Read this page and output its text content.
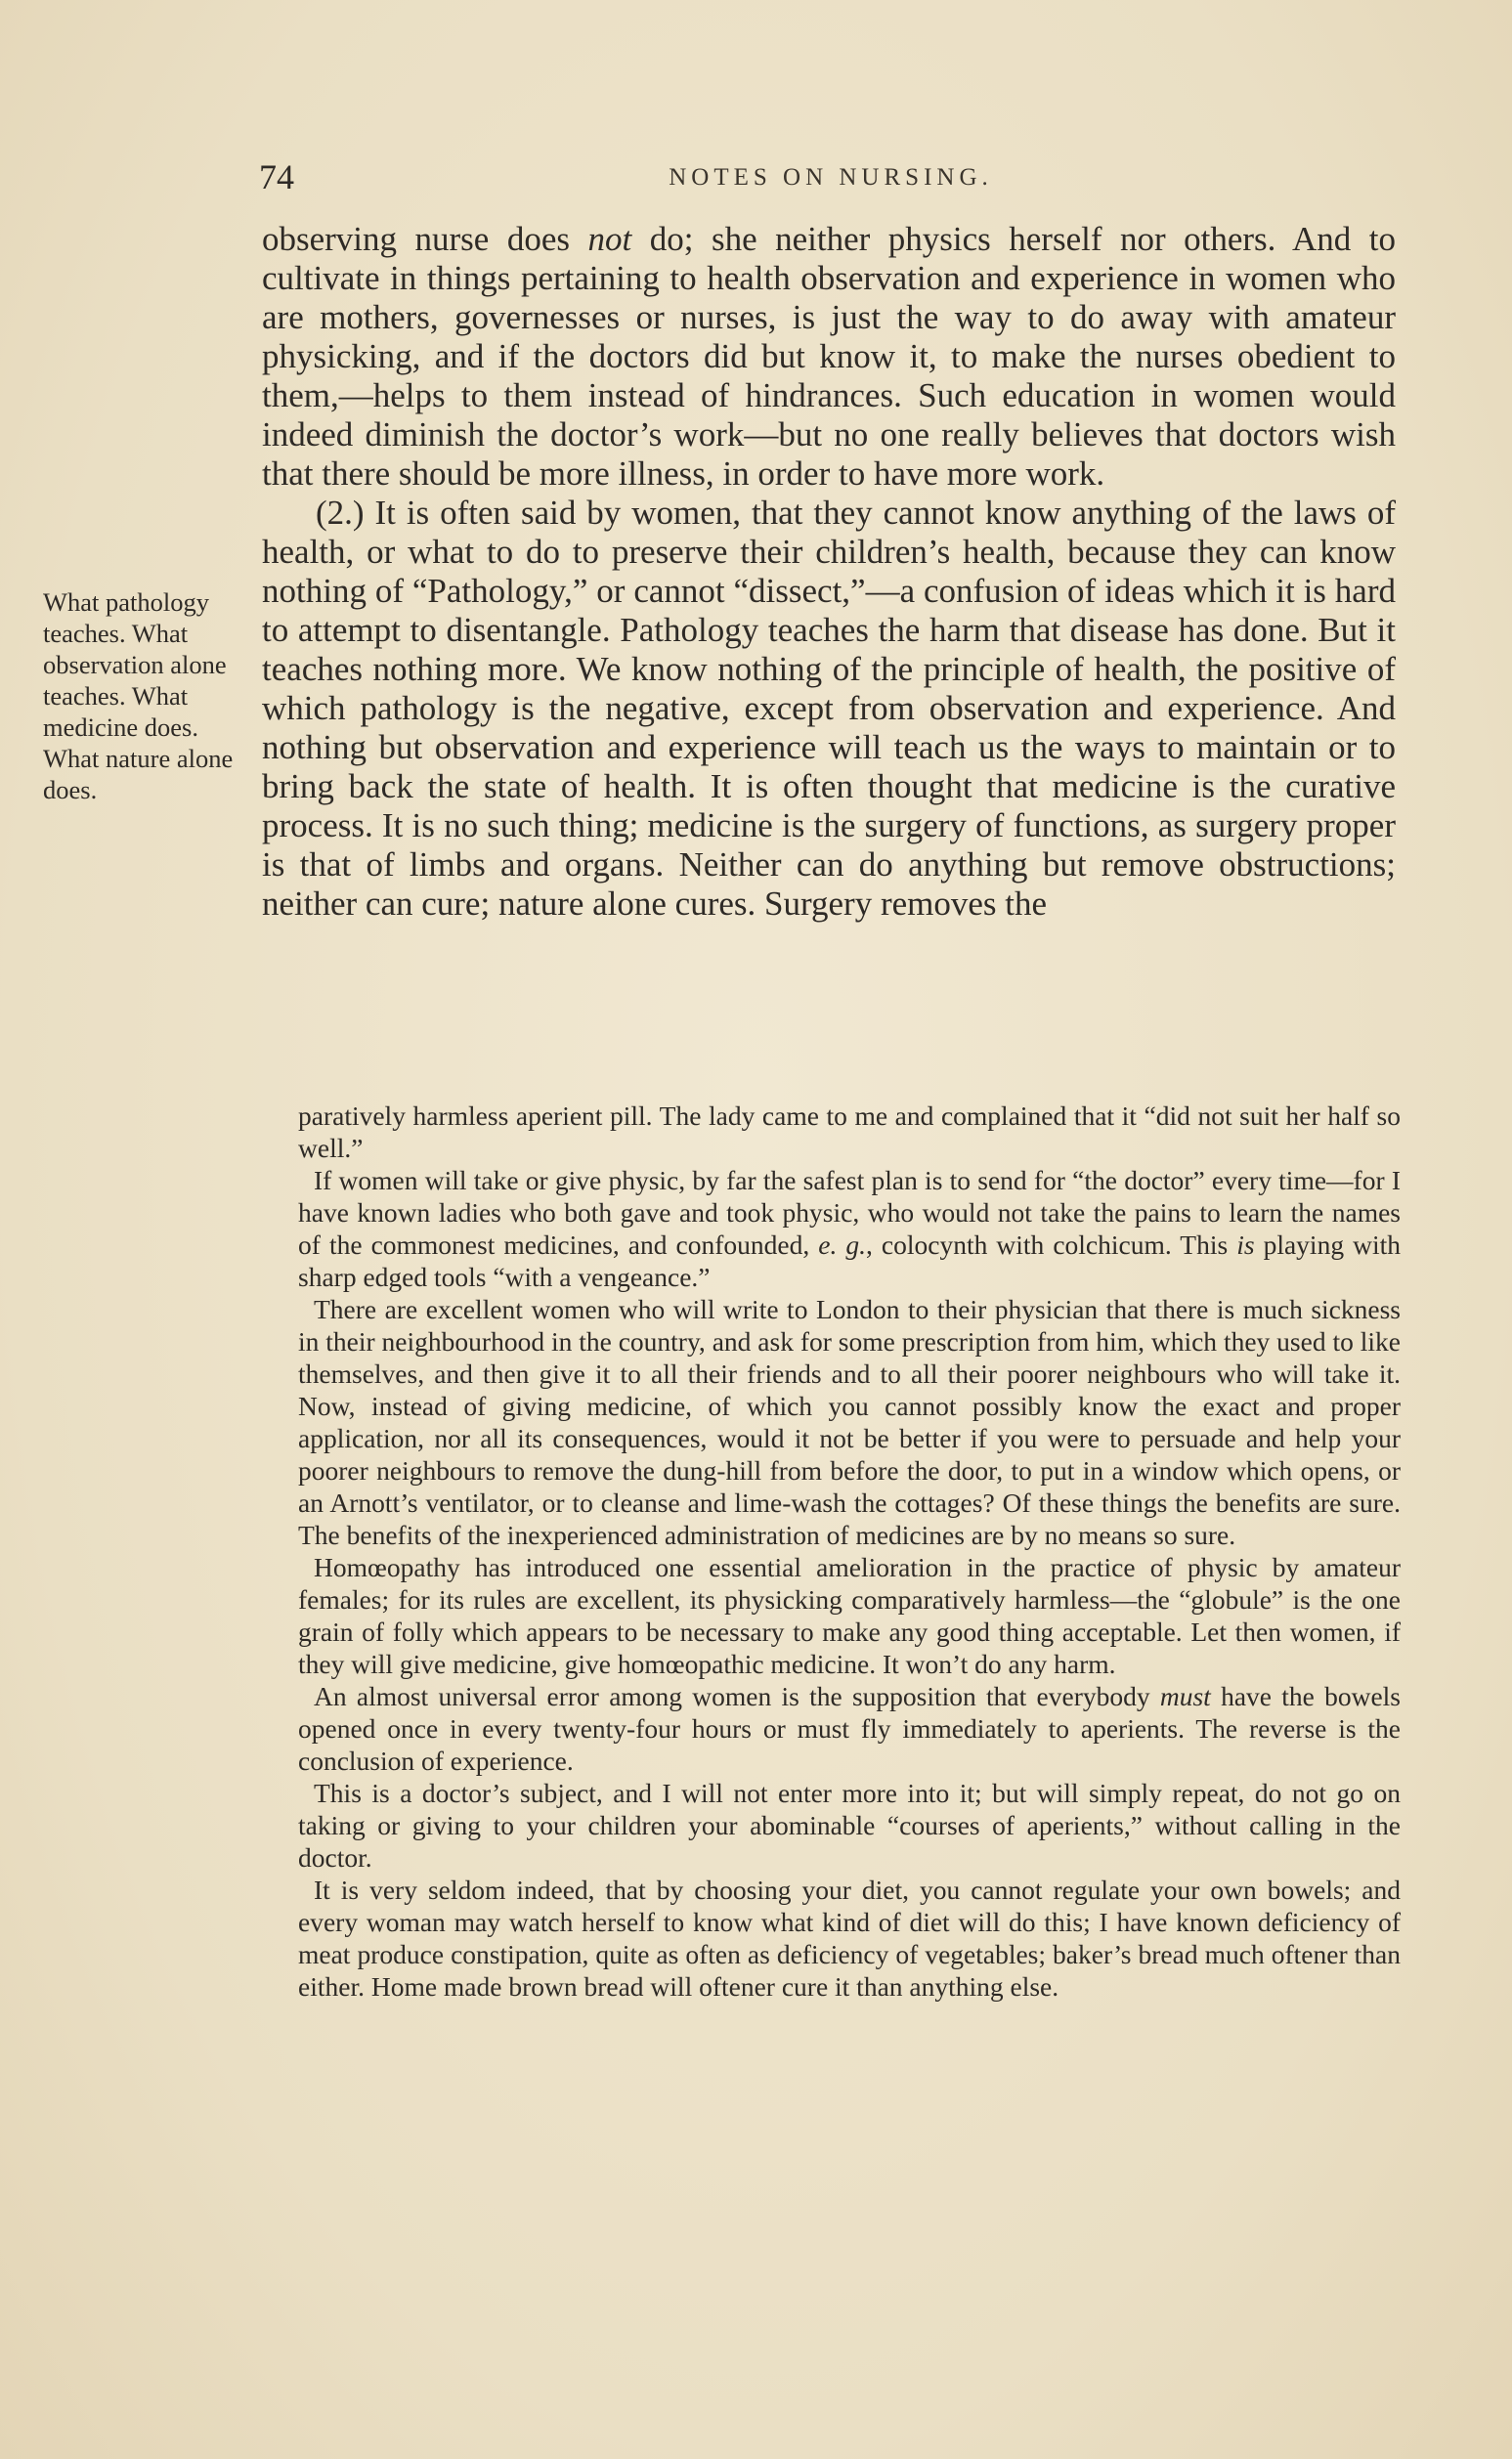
74	NOTES ON NURSING.

observing nurse does not do; she neither physics herself nor others. And to cultivate in things pertaining to health observation and experience in women who are mothers, governesses or nurses, is just the way to do away with amateur physicking, and if the doctors did but know it, to make the nurses obedient to them,—helps to them instead of hindrances. Such education in women would indeed diminish the doctor’s work—but no one really believes that doctors wish that there should be more illness, in order to have more work.

(2.) It is often said by women, that they cannot know anything of the laws of health, or what to do to preserve their children’s health, because they can know nothing of “Pathology,” or cannot “dissect,”—a confusion of ideas which it is hard to attempt to disentangle. Pathology teaches the harm that disease has done. But it teaches nothing more. We know nothing of the principle of health, the positive of which pathology is the negative, except from observation and experience. And nothing but observation and experience will teach us the ways to maintain or to bring back the state of health. It is often thought that medicine is the curative process. It is no such thing; medicine is the surgery of functions, as surgery proper is that of limbs and organs. Neither can do anything but remove obstructions; neither can cure; nature alone cures. Surgery removes the

What pathology teaches. What observation alone teaches. What medicine does. What nature alone does.

paratively harmless aperient pill. The lady came to me and complained that it “did not suit her half so well.”

If women will take or give physic, by far the safest plan is to send for “the doctor” every time—for I have known ladies who both gave and took physic, who would not take the pains to learn the names of the commonest medicines, and confounded, e. g., colocynth with colchicum. This is playing with sharp edged tools “with a vengeance.”

There are excellent women who will write to London to their physician that there is much sickness in their neighbourhood in the country, and ask for some prescription from him, which they used to like themselves, and then give it to all their friends and to all their poorer neighbours who will take it. Now, instead of giving medicine, of which you cannot possibly know the exact and proper application, nor all its consequences, would it not be better if you were to persuade and help your poorer neighbours to remove the dung-hill from before the door, to put in a window which opens, or an Arnott’s ventilator, or to cleanse and lime-wash the cottages? Of these things the benefits are sure. The benefits of the inexperienced administration of medicines are by no means so sure.

Homœopathy has introduced one essential amelioration in the practice of physic by amateur females; for its rules are excellent, its physicking comparatively harmless—the “globule” is the one grain of folly which appears to be necessary to make any good thing acceptable. Let then women, if they will give medicine, give homœopathic medicine. It won’t do any harm.

An almost universal error among women is the supposition that everybody must have the bowels opened once in every twenty-four hours or must fly immediately to aperients. The reverse is the conclusion of experience.

This is a doctor’s subject, and I will not enter more into it; but will simply repeat, do not go on taking or giving to your children your abominable “courses of aperients,” without calling in the doctor.

It is very seldom indeed, that by choosing your diet, you cannot regulate your own bowels; and every woman may watch herself to know what kind of diet will do this; I have known deficiency of meat produce constipation, quite as often as deficiency of vegetables; baker’s bread much oftener than either. Home made brown bread will oftener cure it than anything else.
